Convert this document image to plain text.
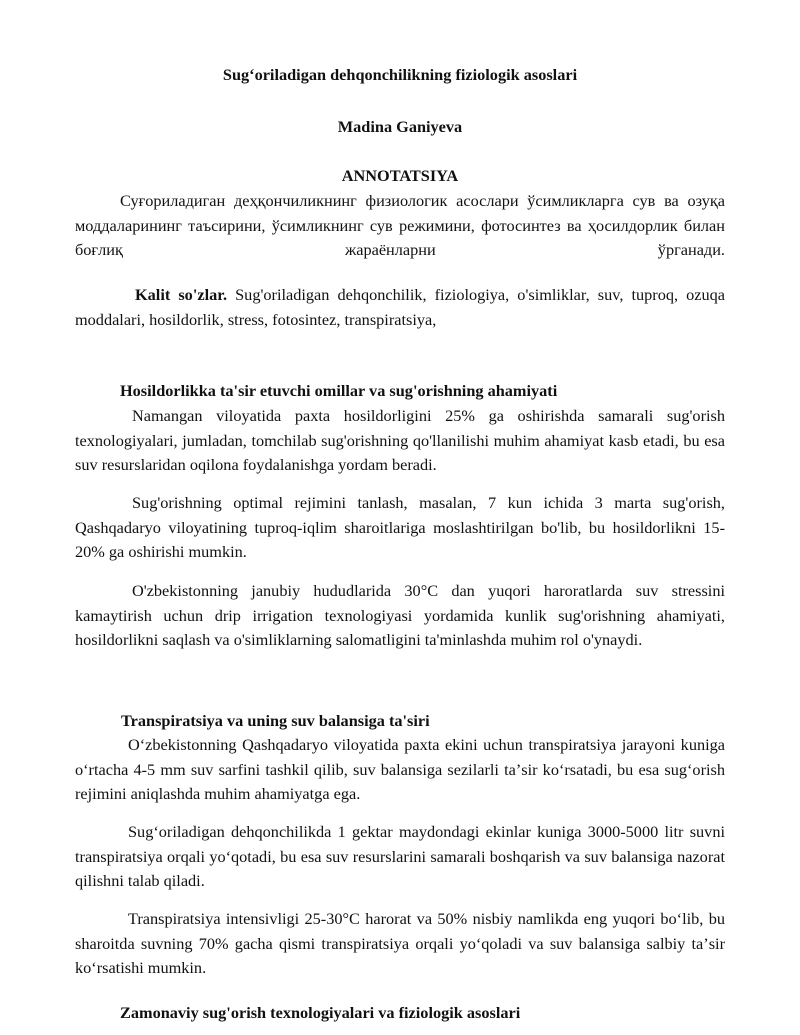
Sugʻoriladigan dehqonchilikning fiziologik asoslari
Madina Ganiyeva
ANNOTATSIYA

Суғориладиган деҳқончиликнинг физиологик асослари ўсимликларга сув ва озуқа моддаларининг таъсирини, ўсимликнинг сув режимини, фотосинтез ва ҳосилдорлик билан боғлиқ жараёнларни ўрганади.

Kalit so'zlar. Sug'oriladigan dehqonchilik, fiziologiya, o'simliklar, suv, tuproq, ozuqa moddalari, hosildorlik, stress, fotosintez, transpiratsiya,

Hosildorlikka ta'sir etuvchi omillar va sug'orishning ahamiyati

Namangan viloyatida paxta hosildorligini 25% ga oshirishda samarali sug'orish texnologiyalari, jumladan, tomchilab sug'orishning qo'llanilishi muhim ahamiyat kasb etadi, bu esa suv resurslaridan oqilona foydalanishga yordam beradi.

Sug'orishning optimal rejimini tanlash, masalan, 7 kun ichida 3 marta sug'orish, Qashqadaryo viloyatining tuproq-iqlim sharoitlariga moslashtirilgan bo'lib, bu hosildorlikni 15-20% ga oshirishi mumkin.

O'zbekistonning janubiy hududlarida 30°C dan yuqori haroratlarda suv stressini kamaytirish uchun drip irrigation texnologiyasi yordamida kunlik sug'orishning ahamiyati, hosildorlikni saqlash va o'simliklarning salomatligini ta'minlashda muhim rol o'ynaydi.

Transpiratsiya va uning suv balansiga ta'siri

Oʻzbekistonning Qashqadaryo viloyatida paxta ekini uchun transpiratsiya jarayoni kuniga oʻrtacha 4-5 mm suv sarfini tashkil qilib, suv balansiga sezilarli taʼsir koʻrsatadi, bu esa sugʻorish rejimini aniqlashda muhim ahamiyatga ega.

Sugʻoriladigan dehqonchilikda 1 gektar maydondagi ekinlar kuniga 3000-5000 litr suvni transpiratsiya orqali yoʻqotadi, bu esa suv resurslarini samarali boshqarish va suv balansiga nazorat qilishni talab qiladi.

Transpiratsiya intensivligi 25-30°C harorat va 50% nisbiy namlikda eng yuqori boʻlib, bu sharoitda suvning 70% gacha qismi transpiratsiya orqali yoʻqoladi va suv balansiga salbiy taʼsir koʻrsatishi mumkin.

Zamonaviy sug'orish texnologiyalari va fiziologik asoslari
